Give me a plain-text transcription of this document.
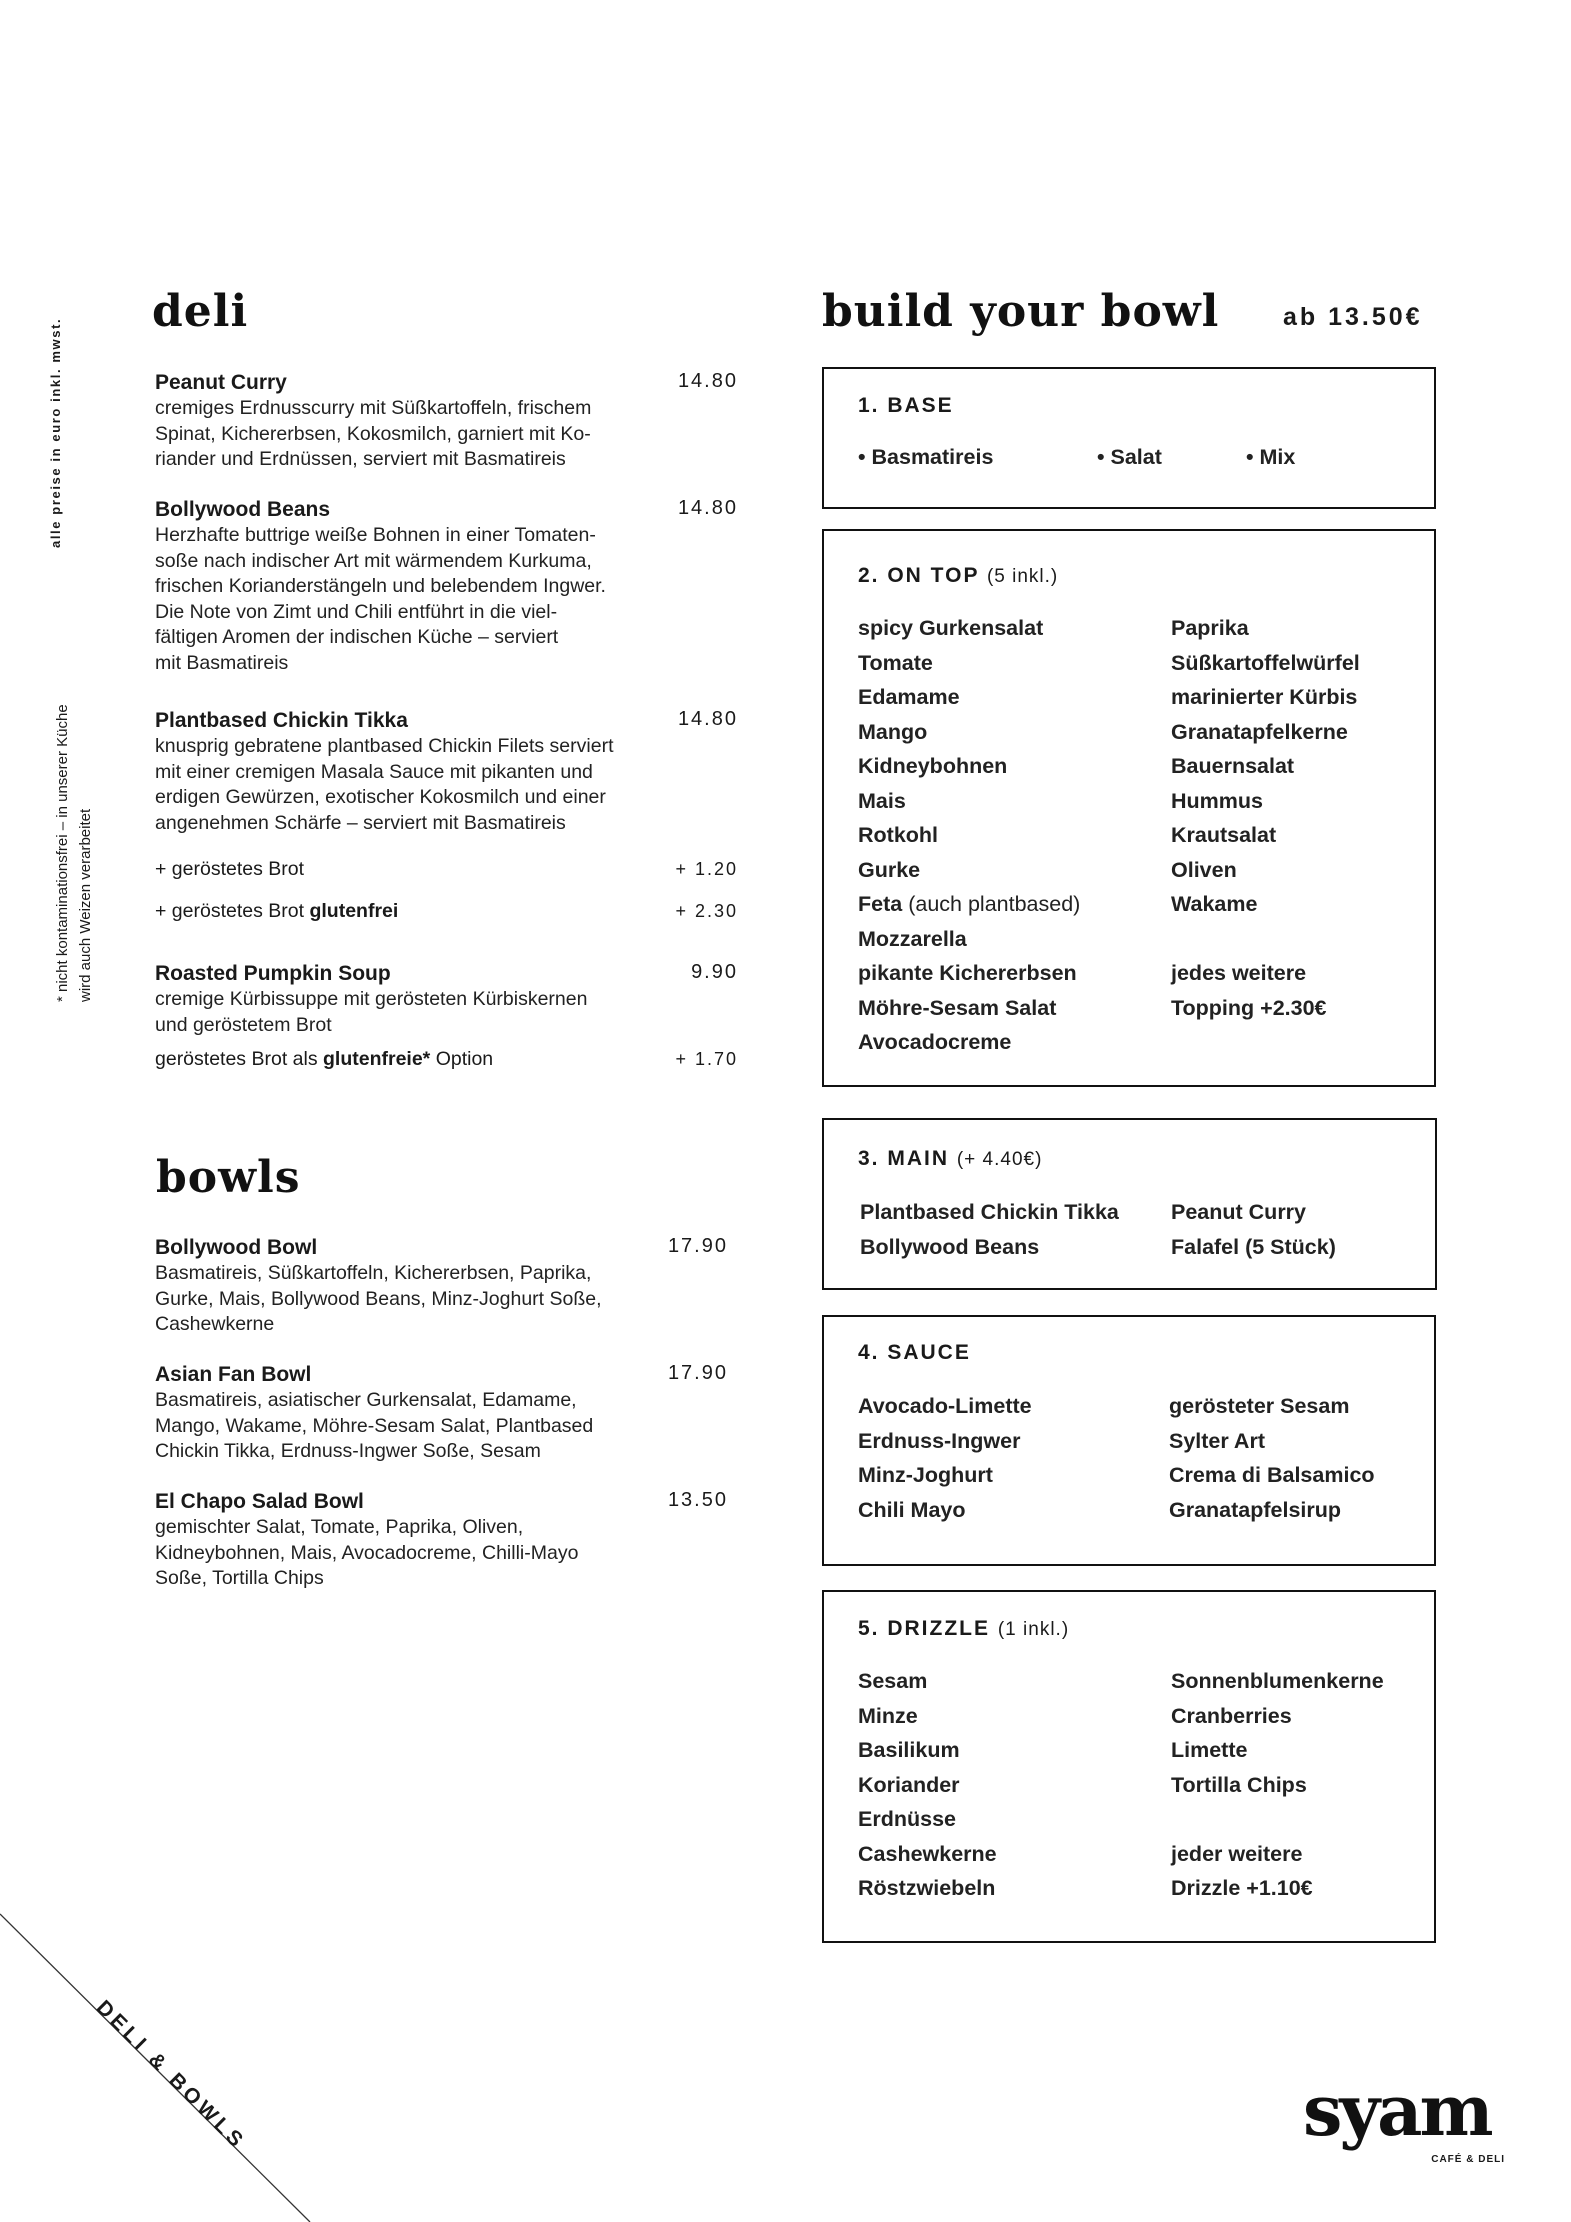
alle preise in euro inkl. mwst.
* nicht kontaminationsfrei – in unserer Küche wird auch Weizen verarbeitet
DELI & BOWLS
deli
Peanut Curry	14.80
cremiges Erdnusscurry mit Süßkartoffeln, frischem
Spinat, Kichererbsen, Kokosmilch, garniert mit Ko-
riander und Erdnüssen, serviert mit Basmatireis
Bollywood Beans	14.80
Herzhafte buttrige weiße Bohnen in einer Tomaten-
soße nach indischer Art mit wärmendem Kurkuma,
frischen Korianderstängeln und belebendem Ingwer.
Die Note von Zimt und Chili entführt in die viel-
fältigen Aromen der indischen Küche – serviert
mit Basmatireis
Plantbased Chickin Tikka	14.80
knusprig gebratene plantbased Chickin Filets serviert
mit einer cremigen Masala Sauce mit pikanten und
erdigen Gewürzen, exotischer Kokosmilch und einer
angenehmen Schärfe – serviert mit Basmatireis
+ geröstetes Brot	+ 1.20
+ geröstetes Brot glutenfrei	+ 2.30
Roasted Pumpkin Soup	9.90
cremige Kürbissuppe mit gerösteten Kürbiskernen
und geröstetem Brot
geröstetes Brot als glutenfreie* Option	+ 1.70
bowls
Bollywood Bowl	17.90
Basmatireis, Süßkartoffeln, Kichererbsen, Paprika,
Gurke, Mais, Bollywood Beans, Minz-Joghurt Soße,
Cashewkerne
Asian Fan Bowl	17.90
Basmatireis, asiatischer Gurkensalat, Edamame,
Mango, Wakame, Möhre-Sesam Salat, Plantbased
Chickin Tikka, Erdnuss-Ingwer Soße, Sesam
El Chapo Salad Bowl	13.50
gemischter Salat, Tomate, Paprika, Oliven,
Kidneybohnen, Mais, Avocadocreme, Chilli-Mayo
Soße, Tortilla Chips
build your bowl	ab 13.50€
1. BASE
• Basmatireis	• Salat	• Mix
2. ON TOP (5 inkl.)
spicy Gurkensalat
Tomate
Edamame
Mango
Kidneybohnen
Mais
Rotkohl
Gurke
Feta (auch plantbased)
Mozzarella
pikante Kichererbsen
Möhre-Sesam Salat
Avocadocreme
Paprika
Süßkartoffelwürfel
marinierter Kürbis
Granatapfelkerne
Bauernsalat
Hummus
Krautsalat
Oliven
Wakame

jedes weitere
Topping +2.30€
3. MAIN (+ 4.40€)
Plantbased Chickin Tikka
Bollywood Beans
Peanut Curry
Falafel (5 Stück)
4. SAUCE
Avocado-Limette
Erdnuss-Ingwer
Minz-Joghurt
Chili Mayo
gerösteter Sesam
Sylter Art
Crema di Balsamico
Granatapfelsirup
5. DRIZZLE (1 inkl.)
Sesam
Minze
Basilikum
Koriander
Erdnüsse
Cashewkerne
Röstzwiebeln
Sonnenblumenkerne
Cranberries
Limette
Tortilla Chips

jeder weitere
Drizzle +1.10€
syam
CAFÉ & DELI
